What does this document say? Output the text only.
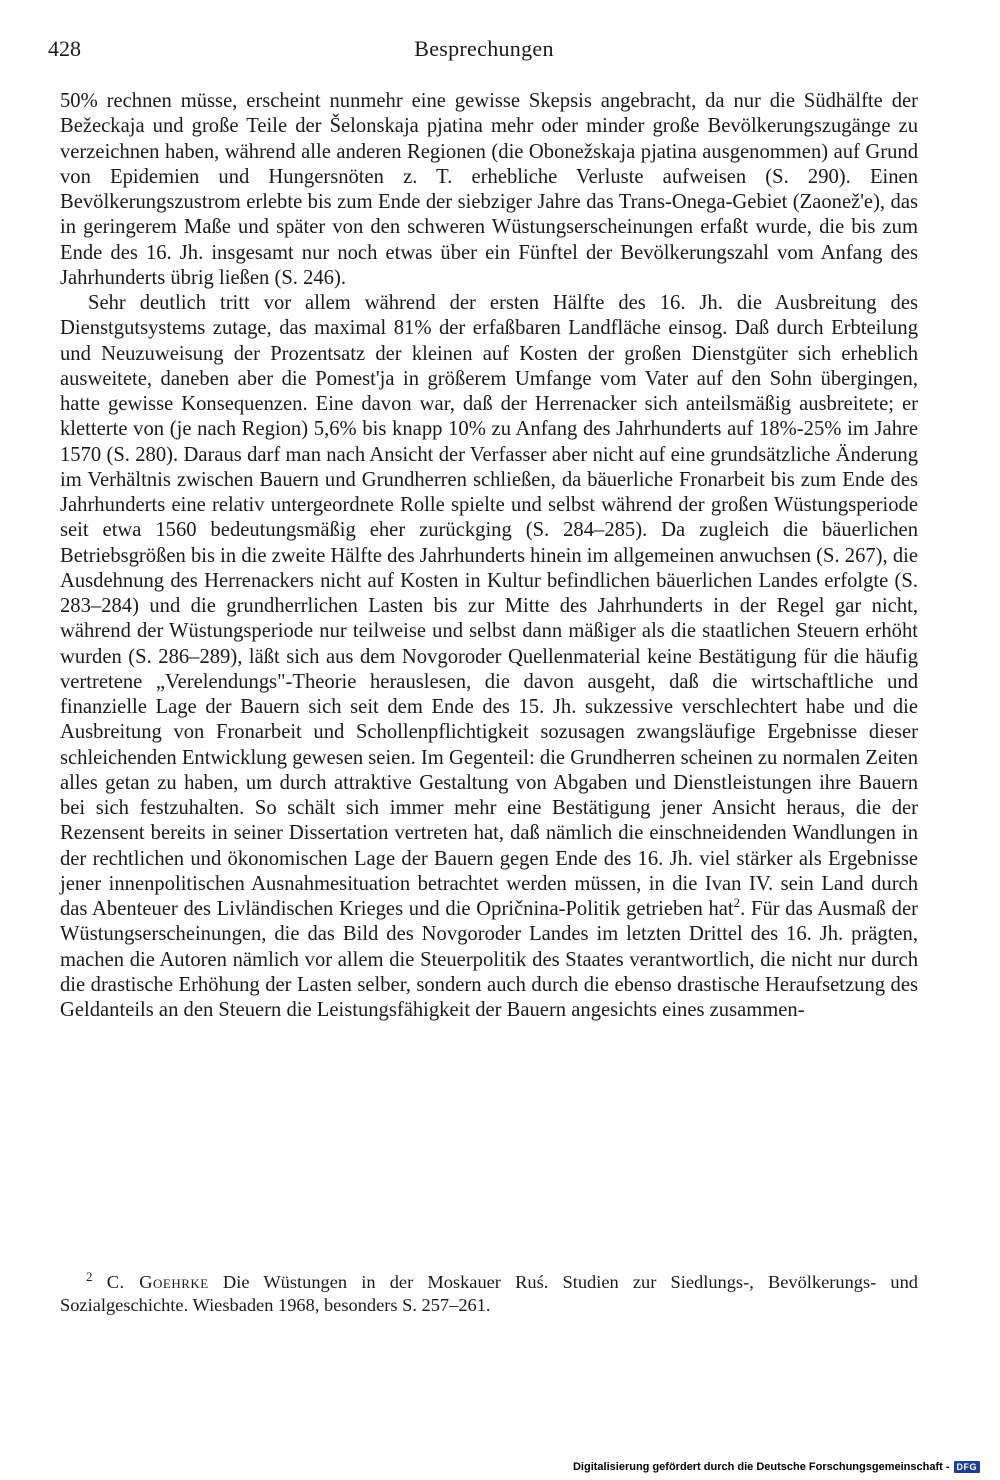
428	Besprechungen

50% rechnen müsse, erscheint nunmehr eine gewisse Skepsis angebracht, da nur die Südhälfte der Bežeckaja und große Teile der Šelonskaja pjatina mehr oder minder große Bevölkerungszugänge zu verzeichnen haben, während alle anderen Regionen (die Obonežskaja pjatina ausgenommen) auf Grund von Epidemien und Hungersnöten z. T. erhebliche Verluste aufweisen (S. 290). Einen Bevölkerungszustrom erlebte bis zum Ende der siebziger Jahre das Trans-Onega-Gebiet (Zaonež'e), das in geringerem Maße und später von den schweren Wüstungserscheinungen erfaßt wurde, die bis zum Ende des 16. Jh. insgesamt nur noch etwas über ein Fünftel der Bevölkerungszahl vom Anfang des Jahrhunderts übrig ließen (S. 246).

Sehr deutlich tritt vor allem während der ersten Hälfte des 16. Jh. die Ausbreitung des Dienstgutsystems zutage, das maximal 81% der erfaßbaren Landfläche einsog. Daß durch Erbteilung und Neuzuweisung der Prozentsatz der kleinen auf Kosten der großen Dienstgüter sich erheblich ausweitete, daneben aber die Pomest'ja in größerem Umfange vom Vater auf den Sohn übergingen, hatte gewisse Konsequenzen. Eine davon war, daß der Herrenacker sich anteilsmäßig ausbreitete; er kletterte von (je nach Region) 5,6% bis knapp 10% zu Anfang des Jahrhunderts auf 18%-25% im Jahre 1570 (S. 280). Daraus darf man nach Ansicht der Verfasser aber nicht auf eine grundsätzliche Änderung im Verhältnis zwischen Bauern und Grundherren schließen, da bäuerliche Fronarbeit bis zum Ende des Jahrhunderts eine relativ untergeordnete Rolle spielte und selbst während der großen Wüstungsperiode seit etwa 1560 bedeutungsmäßig eher zurückging (S. 284–285). Da zugleich die bäuerlichen Betriebsgrößen bis in die zweite Hälfte des Jahrhunderts hinein im allgemeinen anwuchsen (S. 267), die Ausdehnung des Herrenackers nicht auf Kosten in Kultur befindlichen bäuerlichen Landes erfolgte (S. 283–284) und die grundherrlichen Lasten bis zur Mitte des Jahrhunderts in der Regel gar nicht, während der Wüstungsperiode nur teilweise und selbst dann mäßiger als die staatlichen Steuern erhöht wurden (S. 286–289), läßt sich aus dem Novgoroder Quellenmaterial keine Bestätigung für die häufig vertretene „Verelendungs"-Theorie herauslesen, die davon ausgeht, daß die wirtschaftliche und finanzielle Lage der Bauern sich seit dem Ende des 15. Jh. sukzessive verschlechtert habe und die Ausbreitung von Fronarbeit und Schollenpflichtigkeit sozusagen zwangsläufige Ergebnisse dieser schleichenden Entwicklung gewesen seien. Im Gegenteil: die Grundherren scheinen zu normalen Zeiten alles getan zu haben, um durch attraktive Gestaltung von Abgaben und Dienstleistungen ihre Bauern bei sich festzuhalten. So schält sich immer mehr eine Bestätigung jener Ansicht heraus, die der Rezensent bereits in seiner Dissertation vertreten hat, daß nämlich die einschneidenden Wandlungen in der rechtlichen und ökonomischen Lage der Bauern gegen Ende des 16. Jh. viel stärker als Ergebnisse jener innenpolitischen Ausnahmesituation betrachtet werden müssen, in die Ivan IV. sein Land durch das Abenteuer des Livländischen Krieges und die Opričnina-Politik getrieben hat$^2$. Für das Ausmaß der Wüstungserscheinungen, die das Bild des Novgoroder Landes im letzten Drittel des 16. Jh. prägten, machen die Autoren nämlich vor allem die Steuerpolitik des Staates verantwortlich, die nicht nur durch die drastische Erhöhung der Lasten selber, sondern auch durch die ebenso drastische Heraufsetzung des Geldanteils an den Steuern die Leistungsfähigkeit der Bauern angesichts eines zusammen-

$^2$ C. Goehrke Die Wüstungen in der Moskauer Ruś. Studien zur Siedlungs-, Bevölkerungs- und Sozialgeschichte. Wiesbaden 1968, besonders S. 257–261.

Digitalisierung gefördert durch die Deutsche Forschungsgemeinschaft - DFG
